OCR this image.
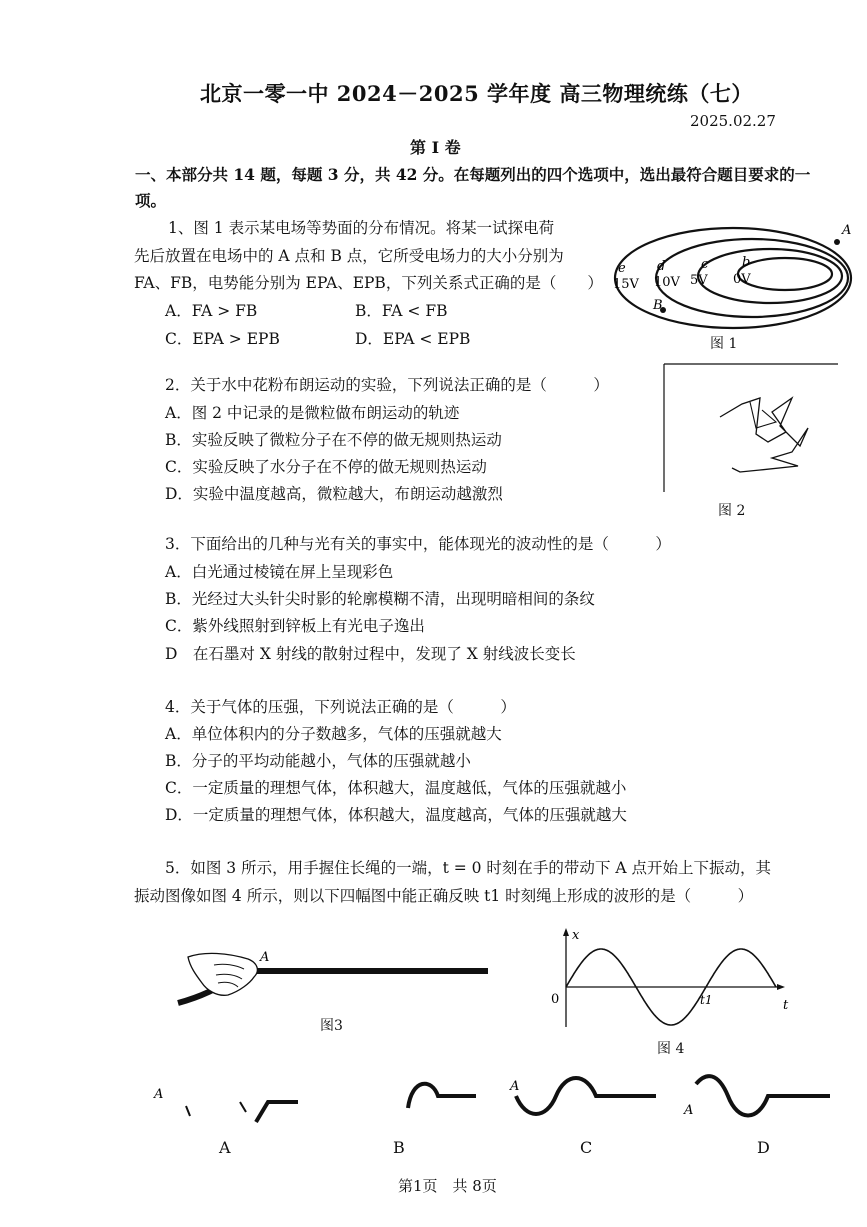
北京一零一中 2024－2025 学年度 高三物理统练（七）
2025.02.27
第 I 卷
一、本部分共 14 题，每题 3 分，共 42 分。在每题列出的四个选项中，选出最符合题目要求的一项。
1、图 1 表示某电场等势面的分布情况。将某一试探电荷
先后放置在电场中的 A 点和 B 点，它所受电场力的大小分别为
FA、FB，电势能分别为 EPA、EPB，下列关系式正确的是（　　）
A．FA > FB	B．FA < FB
C．EPA > EPB	D．EPA < EPB
A
B
e
15V
d
10V
c
5V
b
0V
图 1
2．关于水中花粉布朗运动的实验，下列说法正确的是（　　　）
A．图 2 中记录的是微粒做布朗运动的轨迹
B．实验反映了微粒分子在不停的做无规则热运动
C．实验反映了水分子在不停的做无规则热运动
D．实验中温度越高，微粒越大，布朗运动越激烈
图 2
3．下面给出的几种与光有关的事实中，能体现光的波动性的是（　　　）
A．白光通过棱镜在屏上呈现彩色
B．光经过大头针尖时影的轮廓模糊不清，出现明暗相间的条纹
C．紫外线照射到锌板上有光电子逸出
D　在石墨对 X 射线的散射过程中，发现了 X 射线波长变长
4．关于气体的压强，下列说法正确的是（　　　）
A．单位体积内的分子数越多，气体的压强就越大
B．分子的平均动能越小，气体的压强就越小
C．一定质量的理想气体，体积越大，温度越低，气体的压强就越小
D．一定质量的理想气体，体积越大，温度越高，气体的压强就越大
5．如图 3 所示，用手握住长绳的一端，t = 0 时刻在手的带动下 A 点开始上下振动，其
振动图像如图 4 所示，则以下四幅图中能正确反映 t1 时刻绳上形成的波形的是（　　　）
A
图3
x
t
0	t1
图 4
A
A	B
A
C
A
D
第1页　共 8页
